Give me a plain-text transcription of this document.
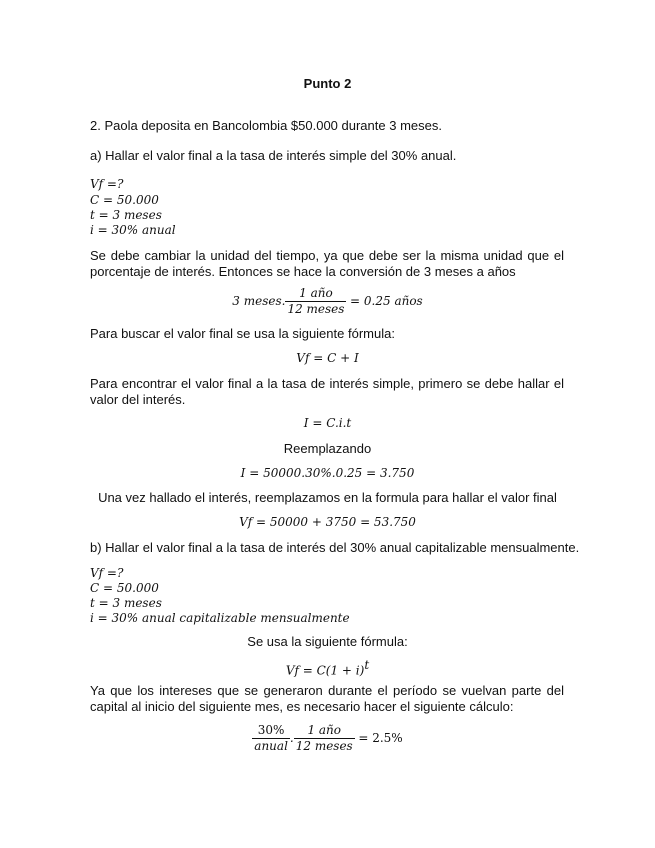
Punto 2
2. Paola deposita en Bancolombia $50.000 durante 3 meses.
a) Hallar el valor final a la tasa de interés simple del 30% anual.
Vf =?
C = 50.000
t = 3 meses
i = 30% anual
Se debe cambiar la unidad del tiempo, ya que debe ser la misma unidad que el porcentaje de interés. Entonces se hace la conversión de 3 meses a años
3 meses. $\frac{\text{1 año}}{\text{12 meses}} = 0.25$ años
Para buscar el valor final se usa la siguiente fórmula:
Vf = C + I
Para encontrar el valor final a la tasa de interés simple, primero se debe hallar el valor del interés.
I = C.i.t
Reemplazando
I = 50000.30%.0.25 = 3.750
Una vez hallado el interés, reemplazamos en la formula para hallar el valor final
Vf = 50000 + 3750 = 53.750
b) Hallar el valor final a la tasa de interés del 30% anual capitalizable mensualmente.
Vf =?
C = 50.000
t = 3 meses
i = 30% anual capitalizable mensualmente
Se usa la siguiente fórmula:
$Vf = C(1 + i)^t$
Ya que los intereses que se generaron durante el período se vuelvan parte del capital al inicio del siguiente mes, es necesario hacer el siguiente cálculo:
$\frac{30\%}{\text{anual}}$ . $\frac{\text{1 año}}{\text{12 meses}} = 2.5\%$
